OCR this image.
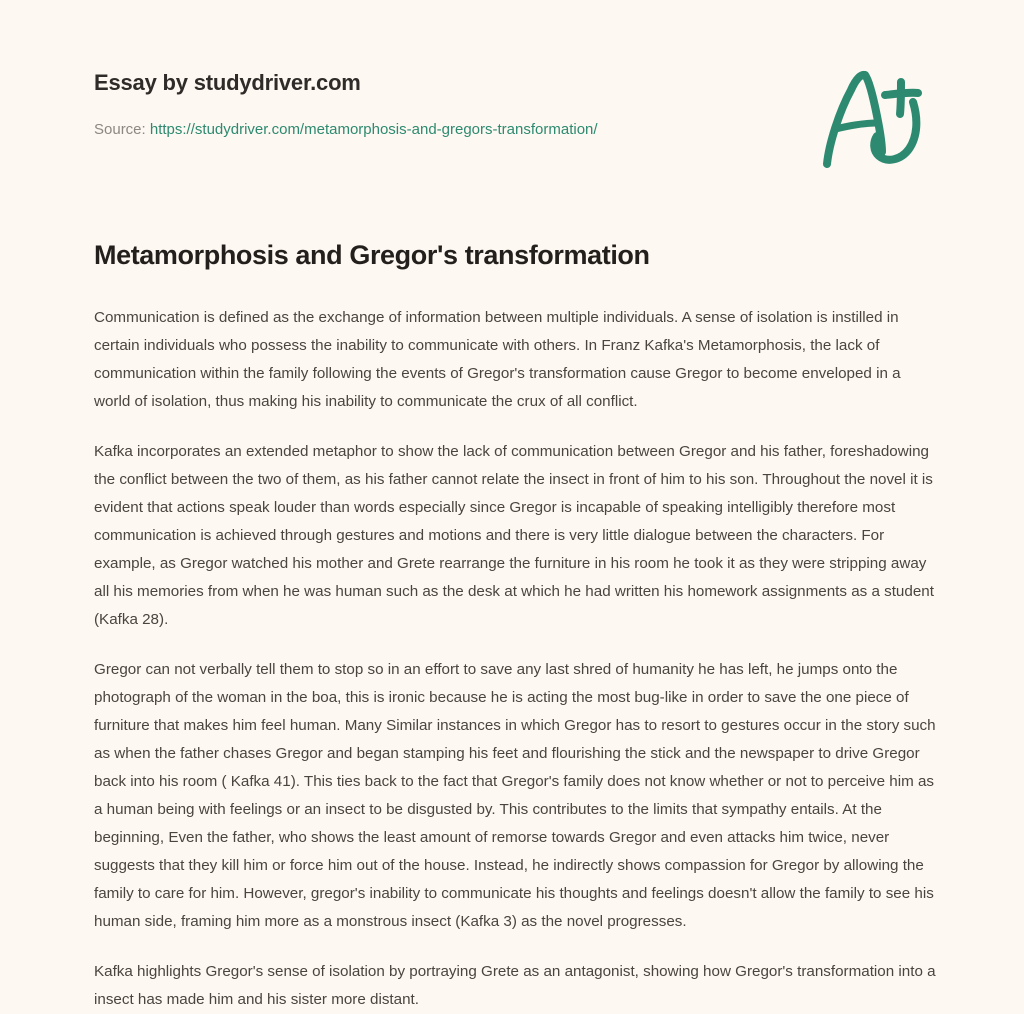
Essay by studydriver.com
Source: https://studydriver.com/metamorphosis-and-gregors-transformation/
Metamorphosis and Gregor's transformation

Communication is defined as the exchange of information between multiple individuals. A sense of isolation is instilled in certain individuals who possess the inability to communicate with others. In Franz Kafka's Metamorphosis, the lack of communication within the family following the events of Gregor's transformation cause Gregor to become enveloped in a world of isolation, thus making his inability to communicate the crux of all conflict.

Kafka incorporates an extended metaphor to show the lack of communication between Gregor and his father, foreshadowing the conflict between the two of them, as his father cannot relate the insect in front of him to his son. Throughout the novel it is evident that actions speak louder than words especially since Gregor is incapable of speaking intelligibly therefore most communication is achieved through gestures and motions and there is very little dialogue between the characters. For example, as Gregor watched his mother and Grete rearrange the furniture in his room he took it as they were stripping away all his memories from when he was human such as the desk at which he had written his homework assignments as a student (Kafka 28).

Gregor can not verbally tell them to stop so in an effort to save any last shred of humanity he has left, he jumps onto the photograph of the woman in the boa, this is ironic because he is acting the most bug-like in order to save the one piece of furniture that makes him feel human. Many Similar instances in which Gregor has to resort to gestures occur in the story such as when the father chases Gregor and began stamping his feet and flourishing the stick and the newspaper to drive Gregor back into his room ( Kafka 41). This ties back to the fact that Gregor's family does not know whether or not to perceive him as a human being with feelings or an insect to be disgusted by. This contributes to the limits that sympathy entails. At the beginning, Even the father, who shows the least amount of remorse towards Gregor and even attacks him twice, never suggests that they kill him or force him out of the house. Instead, he indirectly shows compassion for Gregor by allowing the family to care for him. However, gregor's inability to communicate his thoughts and feelings doesn't allow the family to see his human side, framing him more as a monstrous insect (Kafka 3) as the novel progresses.

Kafka highlights Gregor's sense of isolation by portraying Grete as an antagonist, showing how Gregor's transformation into a insect has made him and his sister more distant.
